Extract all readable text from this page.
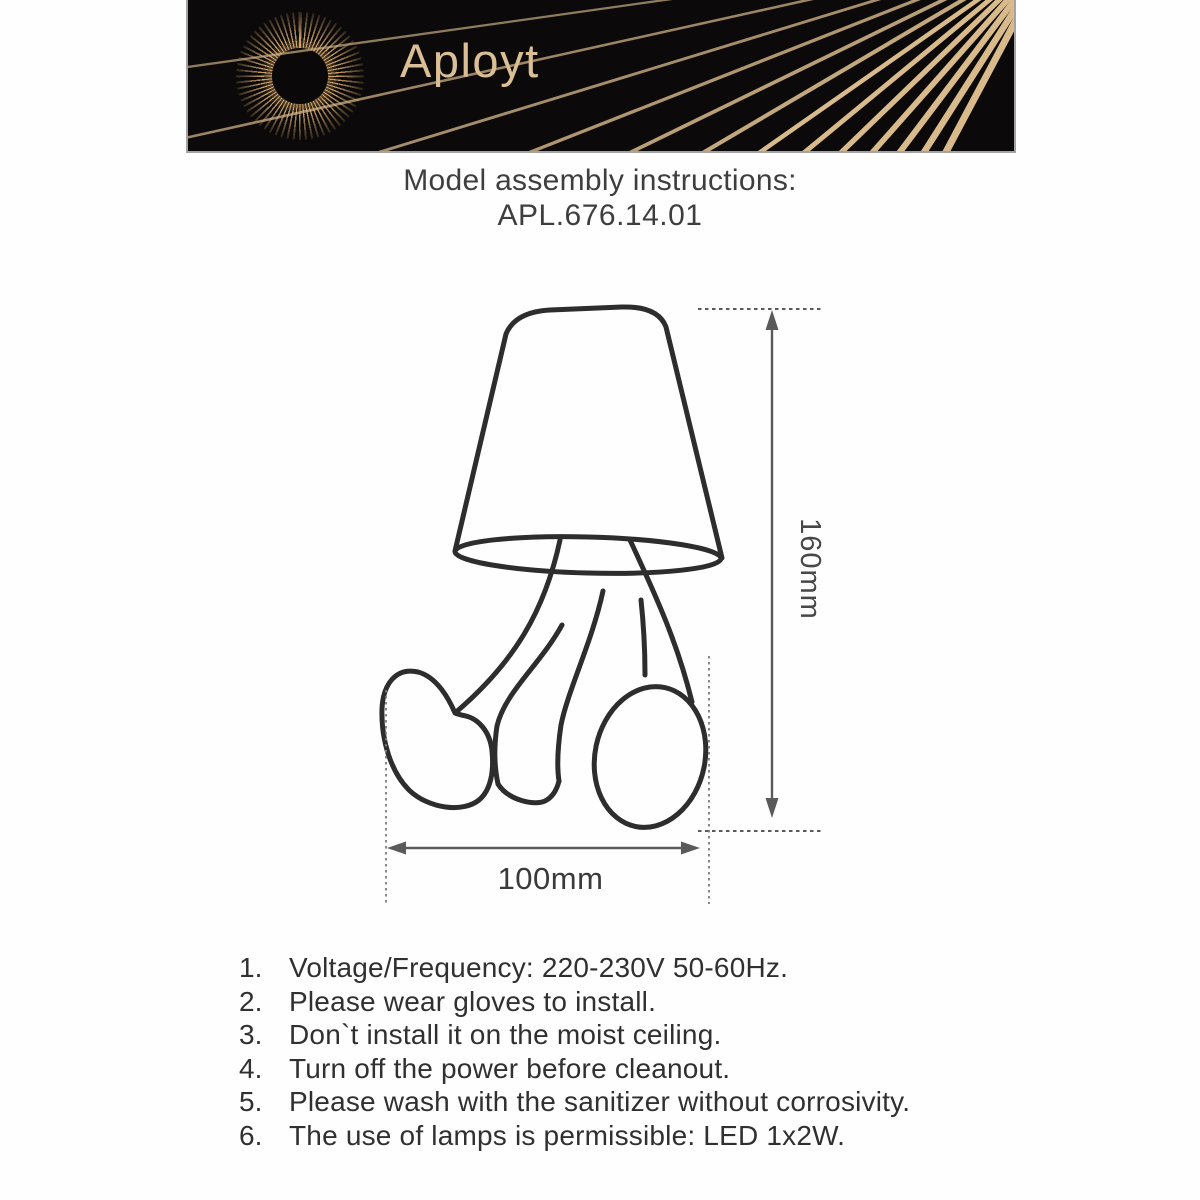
Aployt
Model assembly instructions:
APL.676.14.01
160mm
100mm
1. Voltage/Frequency: 220-230V 50-60Hz.
2. Please wear gloves to install.
3. Don`t install it on the moist ceiling.
4. Turn off the power before cleanout.
5. Please wash with the sanitizer without corrosivity.
6. The use of lamps is permissible: LED 1x2W.
